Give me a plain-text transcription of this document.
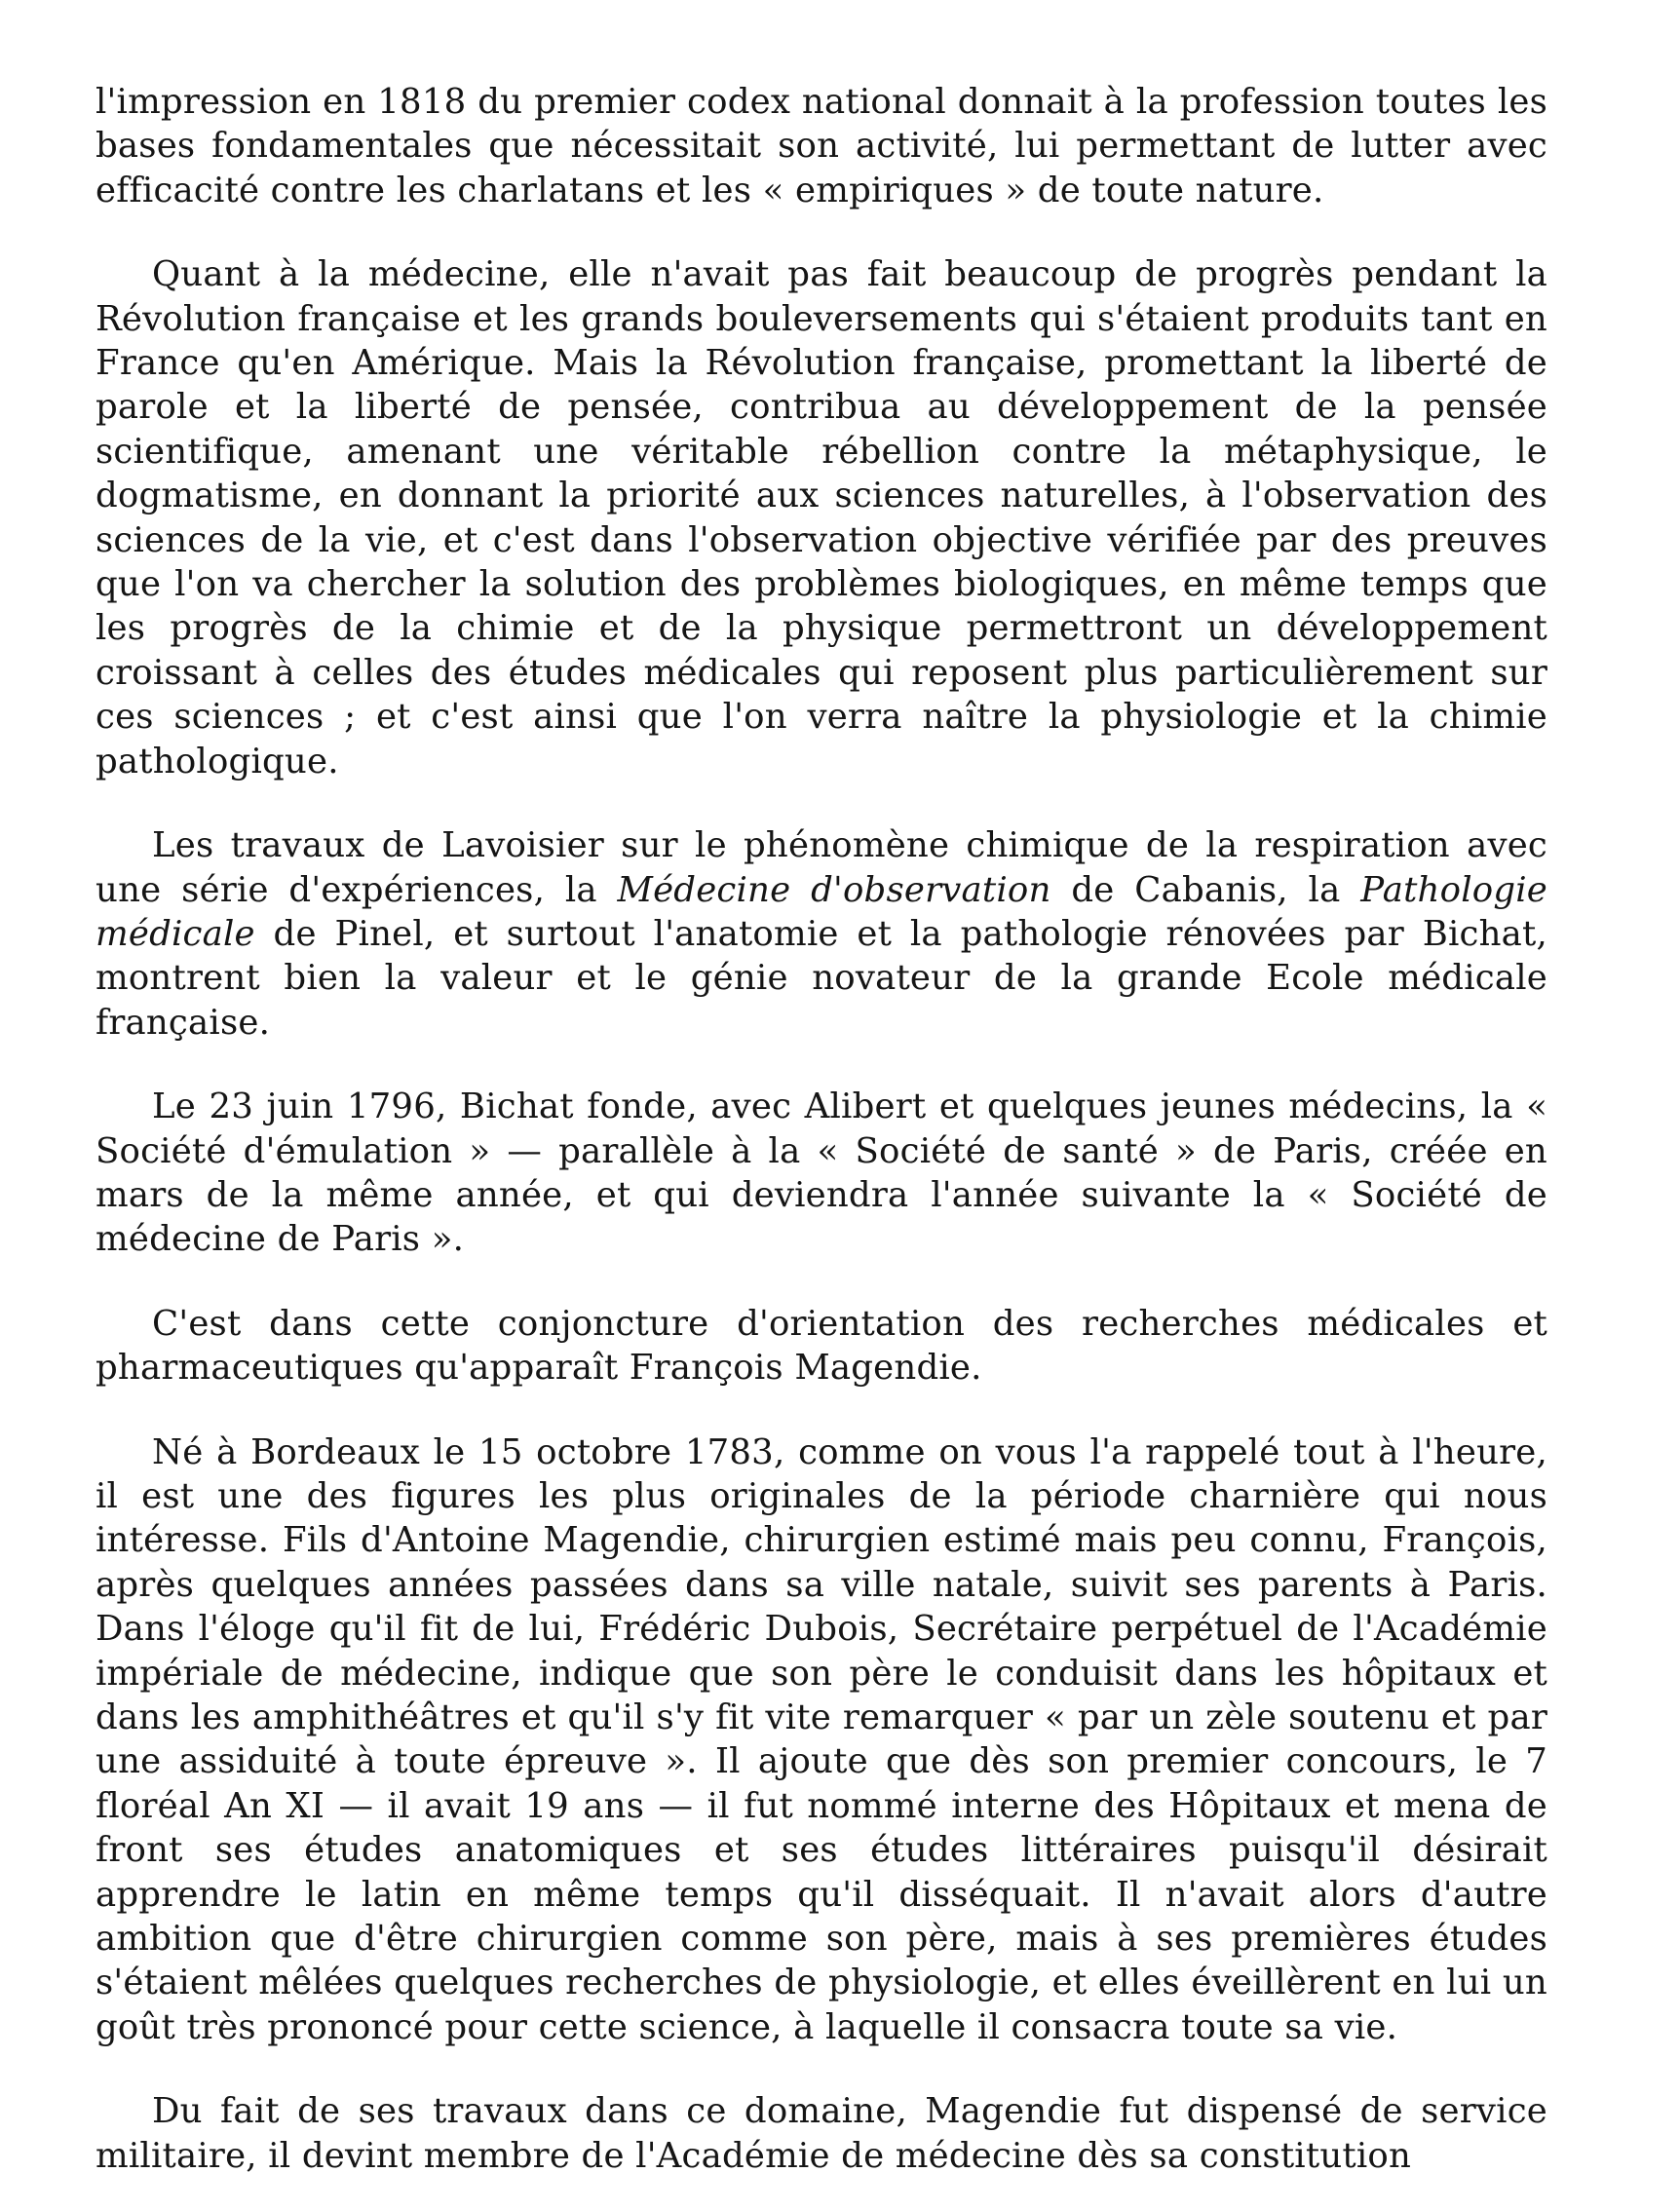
l'impression en 1818 du premier codex national donnait à la profession toutes les bases fondamentales que nécessitait son activité, lui permettant de lutter avec efficacité contre les charlatans et les « empiriques » de toute nature.

Quant à la médecine, elle n'avait pas fait beaucoup de progrès pendant la Révolution française et les grands bouleversements qui s'étaient produits tant en France qu'en Amérique. Mais la Révolution française, promettant la liberté de parole et la liberté de pensée, contribua au développement de la pensée scientifique, amenant une véritable rébellion contre la métaphysique, le dogmatisme, en donnant la priorité aux sciences naturelles, à l'observation des sciences de la vie, et c'est dans l'observation objective vérifiée par des preuves que l'on va chercher la solution des problèmes biologiques, en même temps que les progrès de la chimie et de la physique permettront un développement croissant à celles des études médicales qui reposent plus particulièrement sur ces sciences ; et c'est ainsi que l'on verra naître la physiologie et la chimie pathologique.

Les travaux de Lavoisier sur le phénomène chimique de la respiration avec une série d'expériences, la Médecine d'observation de Cabanis, la Pathologie médicale de Pinel, et surtout l'anatomie et la pathologie rénovées par Bichat, montrent bien la valeur et le génie novateur de la grande Ecole médicale française.

Le 23 juin 1796, Bichat fonde, avec Alibert et quelques jeunes médecins, la « Société d'émulation » — parallèle à la « Société de santé » de Paris, créée en mars de la même année, et qui deviendra l'année suivante la « Société de médecine de Paris ».

C'est dans cette conjoncture d'orientation des recherches médicales et pharmaceutiques qu'apparaît François Magendie.

Né à Bordeaux le 15 octobre 1783, comme on vous l'a rappelé tout à l'heure, il est une des figures les plus originales de la période charnière qui nous intéresse. Fils d'Antoine Magendie, chirurgien estimé mais peu connu, François, après quelques années passées dans sa ville natale, suivit ses parents à Paris. Dans l'éloge qu'il fit de lui, Frédéric Dubois, Secrétaire perpétuel de l'Académie impériale de médecine, indique que son père le conduisit dans les hôpitaux et dans les amphithéâtres et qu'il s'y fit vite remarquer « par un zèle soutenu et par une assiduité à toute épreuve ». Il ajoute que dès son premier concours, le 7 floréal An XI — il avait 19 ans — il fut nommé interne des Hôpitaux et mena de front ses études anatomiques et ses études littéraires puisqu'il désirait apprendre le latin en même temps qu'il disséquait. Il n'avait alors d'autre ambition que d'être chirurgien comme son père, mais à ses premières études s'étaient mêlées quelques recherches de physiologie, et elles éveillèrent en lui un goût très prononcé pour cette science, à laquelle il consacra toute sa vie.

Du fait de ses travaux dans ce domaine, Magendie fut dispensé de service militaire, il devint membre de l'Académie de médecine dès sa constitution
